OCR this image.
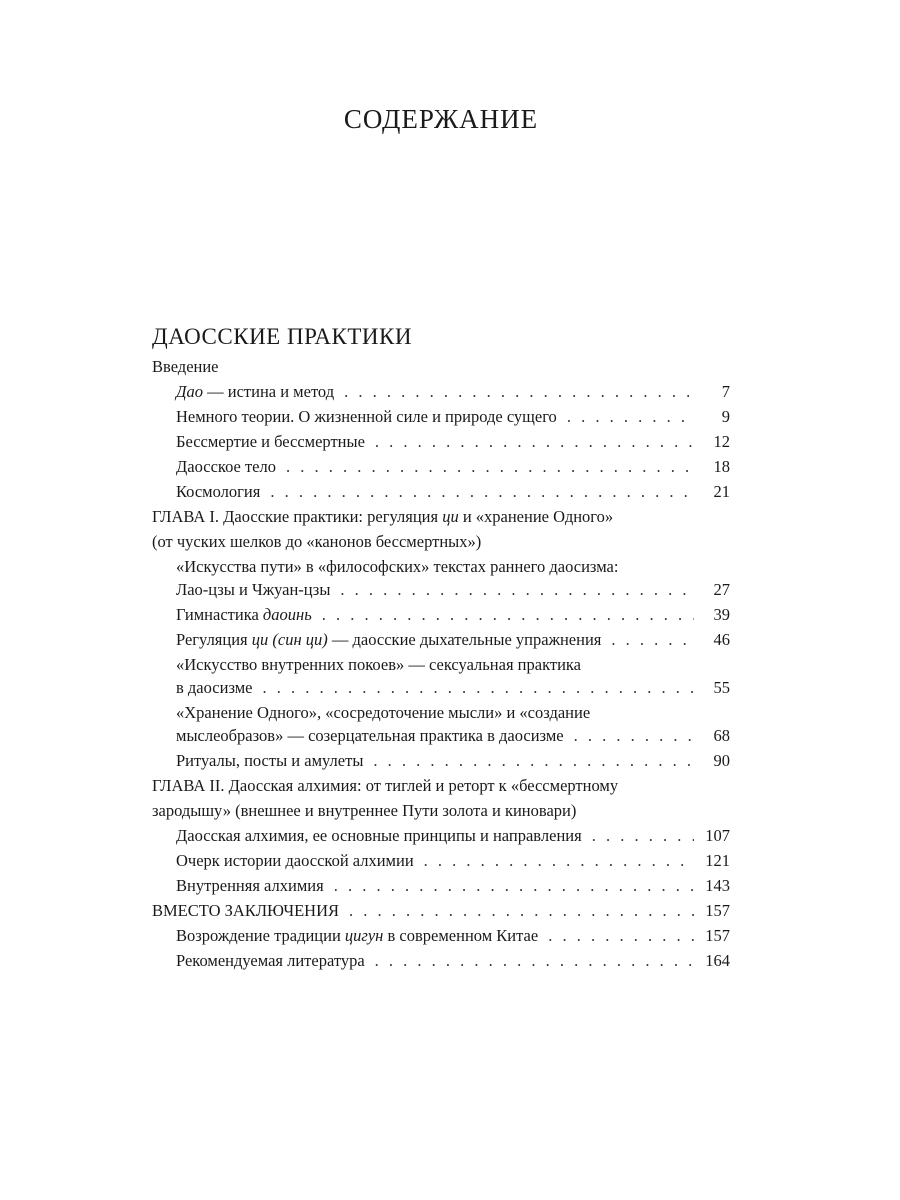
СОДЕРЖАНИЕ
ДАОССКИЕ ПРАКТИКИ
Введение
Дао — истина и метод . . .	7
Немного теории. О жизненной силе и природе сущего . . .	9
Бессмертие и бессмертные . . .	12
Даосское тело . . .	18
Космология . . .	21
ГЛАВА I. Даосские практики: регуляция ци и «хранение Одного»
(от чуских шелков до «канонов бессмертных»)
«Искусства пути» в «философских» текстах раннего даосизма:
Лао-цзы и Чжуан-цзы . . .	27
Гимнастика даоинь . . .	39
Регуляция ци (син ци) — даосские дыхательные упражнения . . .	46
«Искусство внутренних покоев» — сексуальная практика
в даосизме . . .	55
«Хранение Одного», «сосредоточение мысли» и «создание
мыслеобразов» — созерцательная практика в даосизме . . .	68
Ритуалы, посты и амулеты . . .	90
ГЛАВА II. Даосская алхимия: от тиглей и реторт к «бессмертному
зародышу» (внешнее и внутреннее Пути золота и киновари)
Даосская алхимия, ее основные принципы и направления . . .	107
Очерк истории даосской алхимии . . .	121
Внутренняя алхимия . . .	143
ВМЕСТО ЗАКЛЮЧЕНИЯ . . .	157
Возрождение традиции цигун в современном Китае . . .	157
Рекомендуемая литература . . .	164
